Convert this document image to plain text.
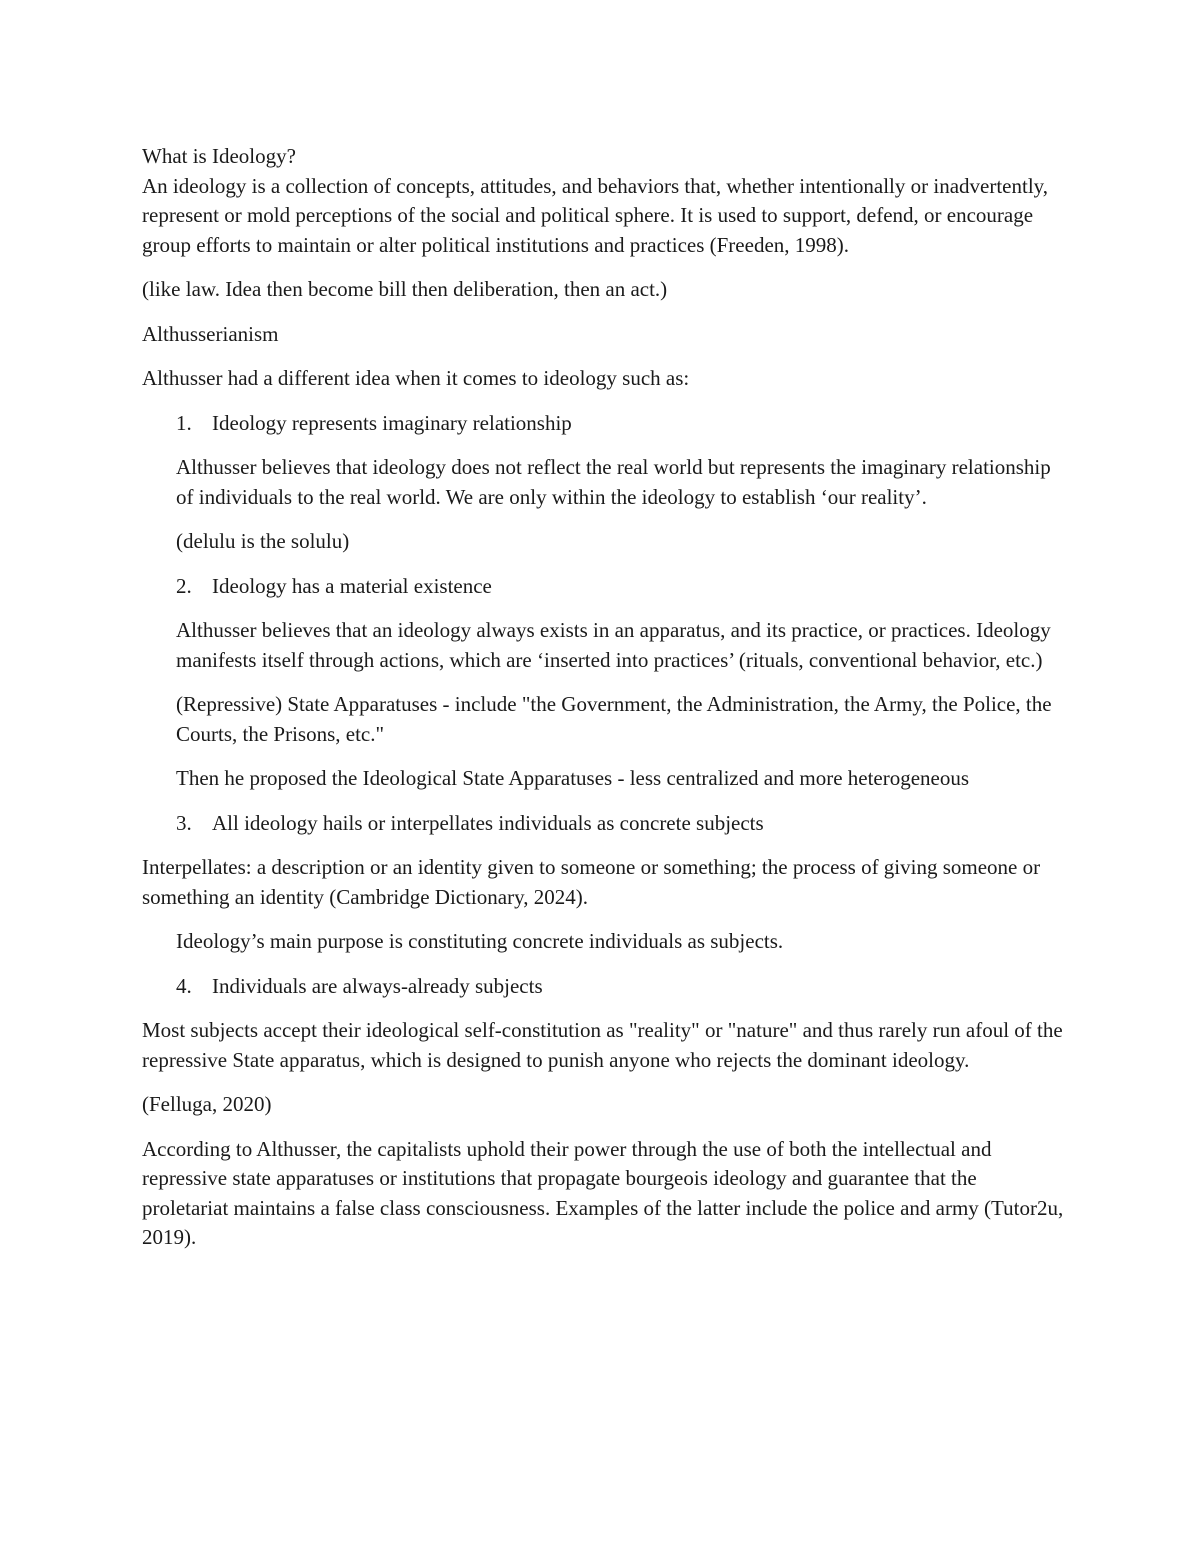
What is Ideology?

An ideology is a collection of concepts, attitudes, and behaviors that, whether intentionally or inadvertently, represent or mold perceptions of the social and political sphere. It is used to support, defend, or encourage group efforts to maintain or alter political institutions and practices (Freeden, 1998).

(like law. Idea then become bill then deliberation, then an act.)

Althusserianism

Althusser had a different idea when it comes to ideology such as:

1. Ideology represents imaginary relationship

Althusser believes that ideology does not reflect the real world but represents the imaginary relationship of individuals to the real world. We are only within the ideology to establish ‘our reality’.

(delulu is the solulu)

2. Ideology has a material existence

Althusser believes that an ideology always exists in an apparatus, and its practice, or practices. Ideology manifests itself through actions, which are ‘inserted into practices’ (rituals, conventional behavior, etc.)

(Repressive) State Apparatuses - include "the Government, the Administration, the Army, the Police, the Courts, the Prisons, etc."

Then he proposed the Ideological State Apparatuses - less centralized and more heterogeneous

3. All ideology hails or interpellates individuals as concrete subjects

Interpellates: a description or an identity given to someone or something; the process of giving someone or something an identity (Cambridge Dictionary, 2024).

Ideology’s main purpose is constituting concrete individuals as subjects.

4. Individuals are always-already subjects

Most subjects accept their ideological self-constitution as "reality" or "nature" and thus rarely run afoul of the repressive State apparatus, which is designed to punish anyone who rejects the dominant ideology.

(Felluga, 2020)

According to Althusser, the capitalists uphold their power through the use of both the intellectual and repressive state apparatuses or institutions that propagate bourgeois ideology and guarantee that the proletariat maintains a false class consciousness. Examples of the latter include the police and army (Tutor2u, 2019).
